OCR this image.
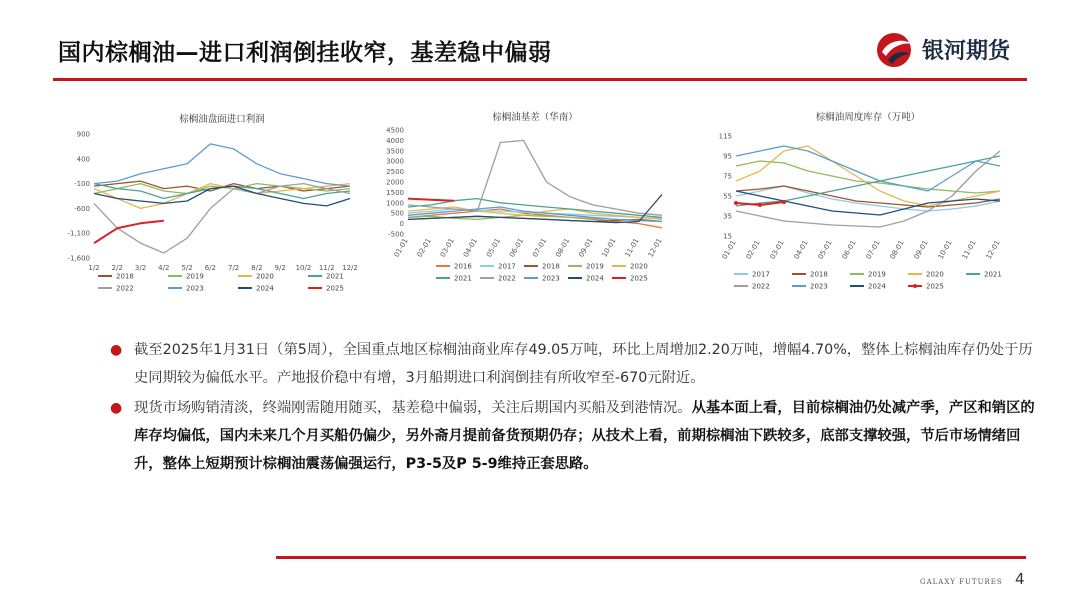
国内棕榈油—进口利润倒挂收窄，基差稳中偏弱	银河期货
棕榈油盘面进口利润
900
400
-100
-600
-1,100
-1,600
1/2 2/2 3/2 4/2 5/2 6/2 7/2 8/2 9/2 10/2 11/2 12/2
2018	2019	2020	2021
2022	2023	2024	2025
棕榈油基差（华南）
4500
4000
3500
3000
2500
2000
1500
1000
500
0
-500
01-01 02-01 03-01 04-01 05-01 06-01 07-01 08-01 09-01 10-01 11-01 12-01
2016	2017	2018	2019	2020
2021	2022	2023	2024	2025
棕榈油周度库存（万吨）
115
95
75
55
35
15
01-01 02-01 03-01 04-01 05-01 06-01 07-01 08-01 09-01 10-01 11-01 12-01
2017	2018	2019	2020	2021
2022	2023	2024	2025
● 截至2025年1月31日（第5周），全国重点地区棕榈油商业库存49.05万吨，环比上周增加2.20万吨，增幅4.70%，整体上棕榈油库存仍处于历史同期较为偏低水平。产地报价稳中有增，3月船期进口利润倒挂有所收窄至-670元附近。
● 现货市场购销清淡，终端刚需随用随买，基差稳中偏弱，关注后期国内买船及到港情况。从基本面上看，目前棕榈油仍处减产季，产区和销区的库存均偏低，国内未来几个月买船仍偏少，另外斋月提前备货预期仍存；从技术上看，前期棕榈油下跌较多，底部支撑较强，节后市场情绪回升，整体上短期预计棕榈油震荡偏强运行，P3-5及P 5-9维持正套思路。
GALAXY FUTURES 4
